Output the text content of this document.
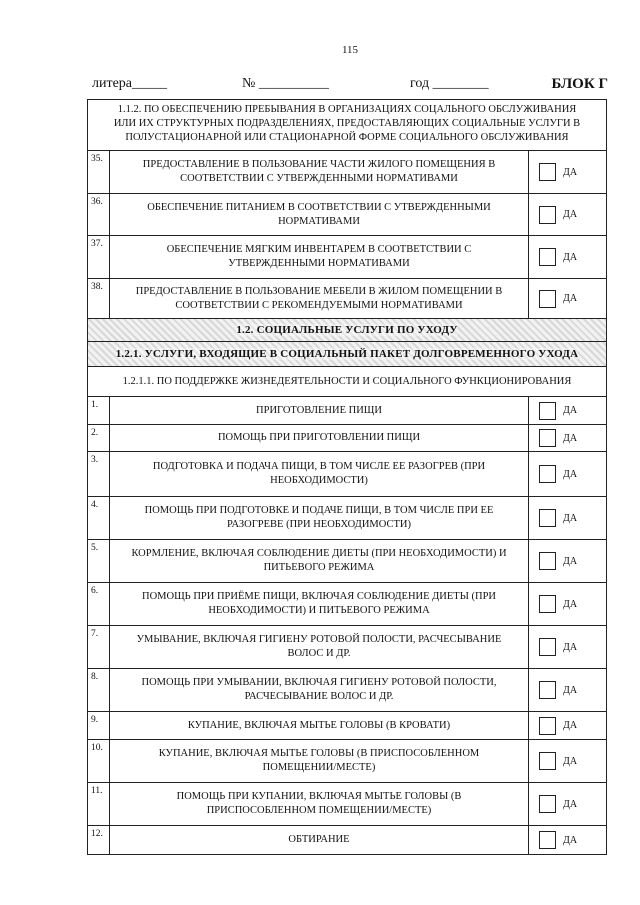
115
литера_____	№ __________	год ________	БЛОК Г
1.1.2. ПО ОБЕСПЕЧЕНИЮ ПРЕБЫВАНИЯ В ОРГАНИЗАЦИЯХ СОЦАЛЬНОГО ОБСЛУЖИВАНИЯ ИЛИ ИХ СТРУКТУРНЫХ ПОДРАЗДЕЛЕНИЯХ, ПРЕДОСТАВЛЯЮЩИХ СОЦИАЛЬНЫЕ УСЛУГИ В ПОЛУСТАЦИОНАРНОЙ ИЛИ СТАЦИОНАРНОЙ ФОРМЕ СОЦИАЛЬНОГО ОБСЛУЖИВАНИЯ
35.	ПРЕДОСТАВЛЕНИЕ В ПОЛЬЗОВАНИЕ ЧАСТИ ЖИЛОГО ПОМЕЩЕНИЯ В СООТВЕТСТВИИ С УТВЕРЖДЕННЫМИ НОРМАТИВАМИ
ДА
36.	ОБЕСПЕЧЕНИЕ ПИТАНИЕМ В СООТВЕТСТВИИ С УТВЕРЖДЕННЫМИ НОРМАТИВАМИ
ДА
37.	ОБЕСПЕЧЕНИЕ МЯГКИМ ИНВЕНТАРЕМ В СООТВЕТСТВИИ С УТВЕРЖДЕННЫМИ НОРМАТИВАМИ
ДА
38.	ПРЕДОСТАВЛЕНИЕ В ПОЛЬЗОВАНИЕ МЕБЕЛИ В ЖИЛОМ ПОМЕЩЕНИИ В СООТВЕТСТВИИ С РЕКОМЕНДУЕМЫМИ НОРМАТИВАМИ
ДА
1.2. СОЦИАЛЬНЫЕ УСЛУГИ ПО УХОДУ
1.2.1. УСЛУГИ, ВХОДЯЩИЕ В СОЦИАЛЬНЫЙ ПАКЕТ ДОЛГОВРЕМЕННОГО УХОДА
1.2.1.1. ПО ПОДДЕРЖКЕ ЖИЗНЕДЕЯТЕЛЬНОСТИ И СОЦИАЛЬНОГО ФУНКЦИОНИРОВАНИЯ
1.	ПРИГОТОВЛЕНИЕ ПИЩИ	ДА
2.	ПОМОЩЬ ПРИ ПРИГОТОВЛЕНИИ ПИЩИ	ДА
3.
ПОДГОТОВКА И ПОДАЧА ПИЩИ, В ТОМ ЧИСЛЕ ЕЕ РАЗОГРЕВ (ПРИ НЕОБХОДИМОСТИ)
ДА
4.	ПОМОЩЬ ПРИ ПОДГОТОВКЕ И ПОДАЧЕ ПИЩИ, В ТОМ ЧИСЛЕ ПРИ ЕЕ РАЗОГРЕВЕ (ПРИ НЕОБХОДИМОСТИ)
ДА
5.	КОРМЛЕНИЕ, ВКЛЮЧАЯ СОБЛЮДЕНИЕ ДИЕТЫ (ПРИ НЕОБХОДИМОСТИ) И ПИТЬЕВОГО РЕЖИМА
ДА
6.	ПОМОЩЬ ПРИ ПРИЁМЕ ПИЩИ, ВКЛЮЧАЯ СОБЛЮДЕНИЕ ДИЕТЫ (ПРИ НЕОБХОДИМОСТИ) И ПИТЬЕВОГО РЕЖИМА
ДА
7.	УМЫВАНИЕ, ВКЛЮЧАЯ ГИГИЕНУ РОТОВОЙ ПОЛОСТИ, РАСЧЕСЫВАНИЕ ВОЛОС И ДР.
ДА
8.	ПОМОЩЬ ПРИ УМЫВАНИИ, ВКЛЮЧАЯ ГИГИЕНУ РОТОВОЙ ПОЛОСТИ, РАСЧЕСЫВАНИЕ ВОЛОС И ДР.
ДА
9.	КУПАНИЕ, ВКЛЮЧАЯ МЫТЬЕ ГОЛОВЫ (В КРОВАТИ)	ДА
10.	КУПАНИЕ, ВКЛЮЧАЯ МЫТЬЕ ГОЛОВЫ (В ПРИСПОСОБЛЕННОМ ПОМЕЩЕНИИ/МЕСТЕ)
ДА
11.	ПОМОЩЬ ПРИ КУПАНИИ, ВКЛЮЧАЯ МЫТЬЕ ГОЛОВЫ (В ПРИСПОСОБЛЕННОМ ПОМЕЩЕНИИ/МЕСТЕ)
ДА
12.	ОБТИРАНИЕ	ДА
